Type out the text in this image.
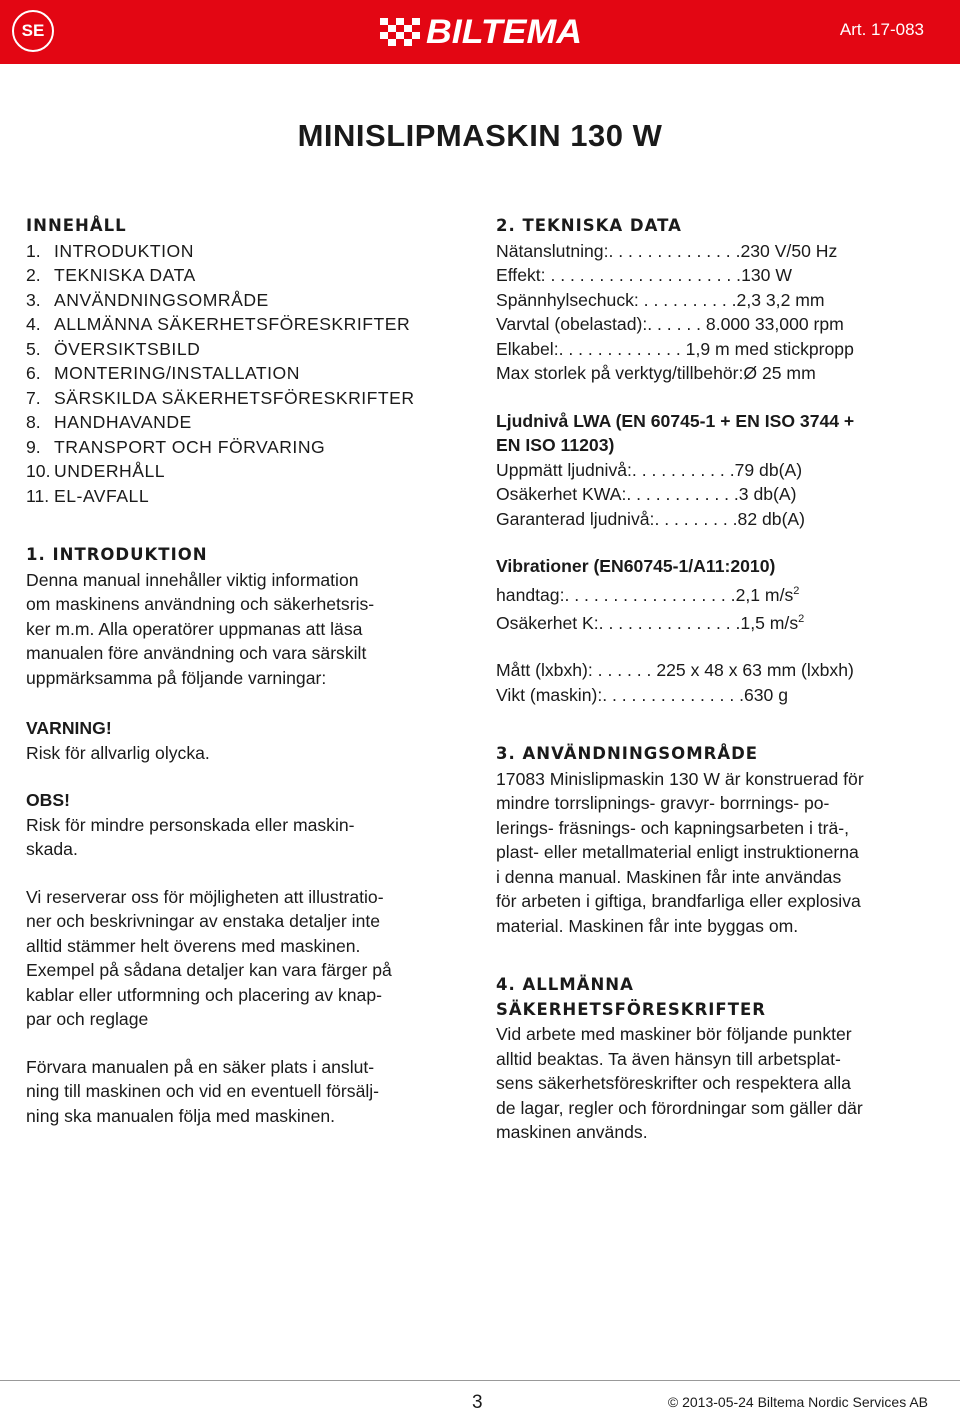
SE	BILTEMA	Art. 17-083
MINISLIPMASKIN 130 W
INNEHÅLL
1. INTRODUKTION
2. TEKNISKA DATA
3. ANVÄNDNINGSOMRÅDE
4. ALLMÄNNA SÄKERHETSFÖRESKRIFTER
5. ÖVERSIKTSBILD
6. MONTERING/INSTALLATION
7. SÄRSKILDA SÄKERHETSFÖRESKRIFTER
8. HANDHAVANDE
9. TRANSPORT OCH FÖRVARING
10. UNDERHÅLL
11. EL-AVFALL
1. INTRODUKTION

Denna manual innehåller viktig information

om maskinens användning och säkerhetsris-

ker m.m. Alla operatörer uppmanas att läsa

manualen före användning och vara särskilt

uppmärksamma på följande varningar:

VARNING!

Risk för allvarlig olycka.

OBS!

Risk för mindre personskada eller maskin-

skada.

Vi reserverar oss för möjligheten att illustratio-

ner och beskrivningar av enstaka detaljer inte

alltid stämmer helt överens med maskinen.

Exempel på sådana detaljer kan vara färger på

kablar eller utformning och placering av knap-

par och reglage

Förvara manualen på en säker plats i anslut-

ning till maskinen och vid en eventuell försälj-

ning ska manualen följa med maskinen.

2. TEKNISKA DATA

Nätanslutning:. . . . . . . . . . . . . .230 V/50 Hz

Effekt: . . . . . . . . . . . . . . . . . . . .130 W

Spännhylsechuck: . . . . . . . . . .2,3 3,2 mm

Varvtal (obelastad):. . . . . . 8.000 33,000 rpm

Elkabel:. . . . . . . . . . . . . 1,9 m med stickpropp

Max storlek på verktyg/tillbehör:Ø 25 mm

Ljudnivå LWA (EN 60745-1 + EN ISO 3744 +

EN ISO 11203)

Uppmätt ljudnivå:. . . . . . . . . . .79 db(A)

Osäkerhet KWA:. . . . . . . . . . . .3 db(A)

Garanterad ljudnivå:. . . . . . . . .82 db(A)

Vibrationer (EN60745-1/A11:2010)

handtag:. . . . . . . . . . . . . . . . . .2,1 $m/s^2$

Osäkerhet K:. . . . . . . . . . . . . . .1,5 $m/s^2$

Mått (lxbxh): . . . . . . 225 x 48 x 63 mm (lxbxh)

Vikt (maskin):. . . . . . . . . . . . . . .630 g

3. ANVÄNDNINGSOMRÅDE

17083 Minislipmaskin 130 W är konstruerad för

mindre torrslipnings- gravyr- borrnings- po-

lerings- fräsnings- och kapningsarbeten i trä-,

plast- eller metallmaterial enligt instruktionerna

i denna manual. Maskinen får inte användas

för arbeten i giftiga, brandfarliga eller explosiva

material. Maskinen får inte byggas om.

4. ALLMÄNNA
SÄKERHETSFÖRESKRIFTER

Vid arbete med maskiner bör följande punkter

alltid beaktas. Ta även hänsyn till arbetsplat-

sens säkerhetsföreskrifter och respektera alla

de lagar, regler och förordningar som gäller där

maskinen används.

3	© 2013-05-24 Biltema Nordic Services AB
